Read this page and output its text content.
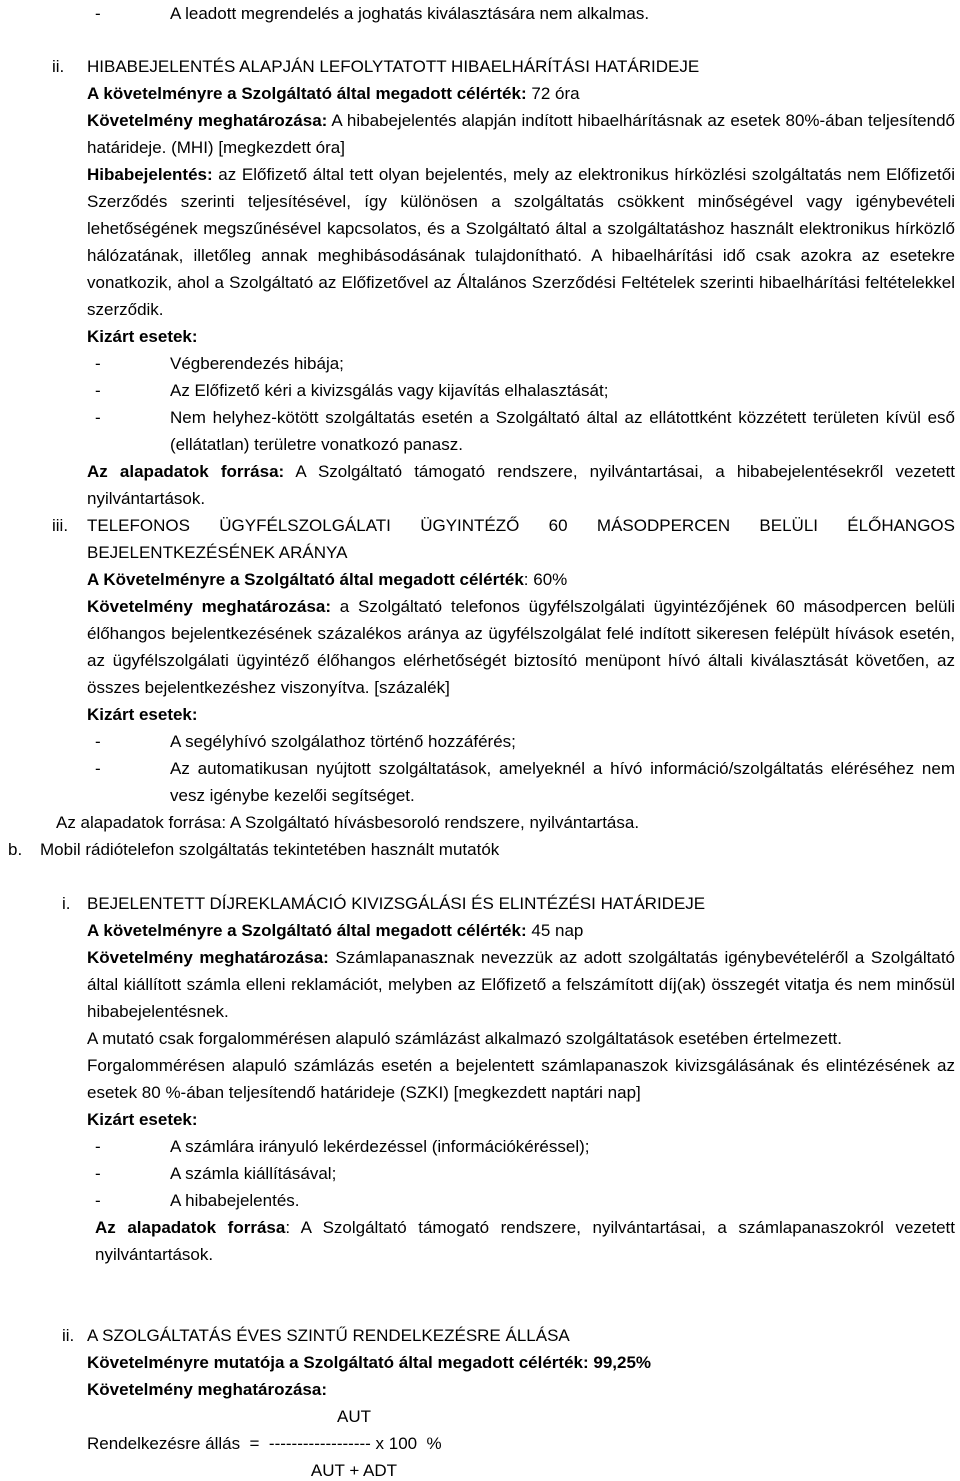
-	A leadott megrendelés a joghatás kiválasztására nem alkalmas.
ii. HIBABEJELENTÉS ALAPJÁN LEFOLYTATOTT HIBAELHÁRÍTÁSI HATÁRIDEJE
A követelményre a Szolgáltató által megadott célérték: 72 óra
Követelmény meghatározása: A hibabejelentés alapján indított hibaelhárításnak az esetek 80%-ában teljesítendő határideje. (MHI) [megkezdett óra]
Hibabejelentés: az Előfizető által tett olyan bejelentés, mely az elektronikus hírközlési szolgáltatás nem Előfizetői Szerződés szerinti teljesítésével, így különösen a szolgáltatás csökkent minőségével vagy igénybevételi lehetőségének megszűnésével kapcsolatos, és a Szolgáltató által a szolgáltatáshoz használt elektronikus hírközlő hálózatának, illetőleg annak meghibásodásának tulajdonítható. A hibaelhárítási idő csak azokra az esetekre vonatkozik, ahol a Szolgáltató az Előfizetővel az Általános Szerződési Feltételek szerinti hibaelhárítási feltételekkel szerződik.
Kizárt esetek:
-	Végberendezés hibája;
-	Az Előfizető kéri a kivizsgálás vagy kijavítás elhalasztását;
-	Nem helyhez-kötött szolgáltatás esetén a Szolgáltató által az ellátottként közzétett területen kívül eső (ellátatlan) területre vonatkozó panasz.
Az alapadatok forrása: A Szolgáltató támogató rendszere, nyilvántartásai, a hibabejelentésekről vezetett nyilvántartások.
iii. TELEFONOS ÜGYFÉLSZOLGÁLATI ÜGYINTÉZŐ 60 MÁSODPERCEN BELÜLI ÉLŐHANGOS BEJELENTKEZÉSÉNEK ARÁNYA
A Követelményre a Szolgáltató által megadott célérték: 60%
Követelmény meghatározása: a Szolgáltató telefonos ügyfélszolgálati ügyintézőjének 60 másodpercen belüli élőhangos bejelentkezésének százalékos aránya az ügyfélszolgálat felé indított sikeresen felépült hívások esetén, az ügyfélszolgálati ügyintéző élőhangos elérhetőségét biztosító menüpont hívó általi kiválasztását követően, az összes bejelentkezéshez viszonyítva. [százalék]
Kizárt esetek:
-	A segélyhívó szolgálathoz történő hozzáférés;
-	Az automatikusan nyújtott szolgáltatások, amelyeknél a hívó információ/szolgáltatás eléréséhez nem vesz igénybe kezelői segítséget.
Az alapadatok forrása: A Szolgáltató hívásbesoroló rendszere, nyilvántartása.
b. Mobil rádiótelefon szolgáltatás tekintetében használt mutatók
i. BEJELENTETT DÍJREKLAMÁCIÓ KIVIZSGÁLÁSI ÉS ELINTÉZÉSI HATÁRIDEJE
A követelményre a Szolgáltató által megadott célérték: 45 nap
Követelmény meghatározása: Számlapanasznak nevezzük az adott szolgáltatás igénybevételéről a Szolgáltató által kiállított számla elleni reklamációt, melyben az Előfizető a felszámított díj(ak) összegét vitatja és nem minősül hibabejelentésnek.
A mutató csak forgalommérésen alapuló számlázást alkalmazó szolgáltatások esetében értelmezett.
Forgalommérésen alapuló számlázás esetén a bejelentett számlapanaszok kivizsgálásának és elintézésének az esetek 80 %-ában teljesítendő határideje (SZKI) [megkezdett naptári nap]
Kizárt esetek:
-	A számlára irányuló lekérdezéssel (információkéréssel);
-	A számla kiállításával;
-	A hibabejelentés.
Az alapadatok forrása: A Szolgáltató támogató rendszere, nyilvántartásai, a számlapanaszokról vezetett nyilvántartások.
ii. A SZOLGÁLTATÁS ÉVES SZINTŰ RENDELKEZÉSRE ÁLLÁSA
Követelményre mutatója a Szolgáltató által megadott célérték: 99,25%
Követelmény meghatározása:
AUT
Rendelkezésre állás  =  ------------------ x 100  %
AUT + ADT
